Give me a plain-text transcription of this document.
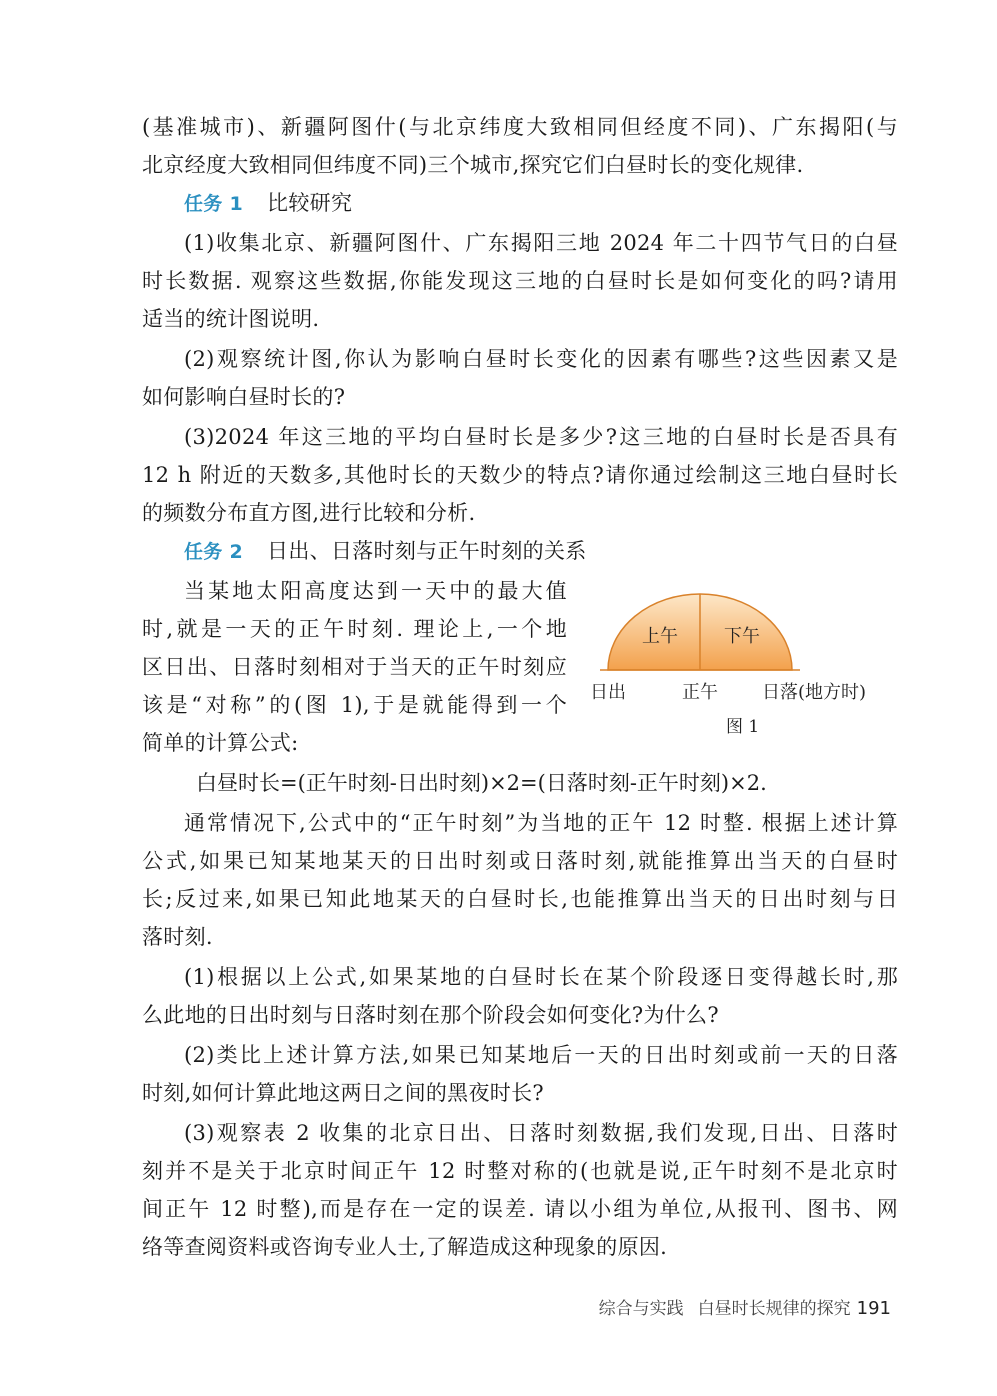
(基准城市)、新疆阿图什(与北京纬度大致相同但经度不同)、广东揭阳(与
北京经度大致相同但纬度不同)三个城市,探究它们白昼时长的变化规律.
任务 1 比较研究
(1)收集北京、新疆阿图什、广东揭阳三地 2024 年二十四节气日的白昼
时长数据. 观察这些数据,你能发现这三地的白昼时长是如何变化的吗?请用
适当的统计图说明.
(2)观察统计图,你认为影响白昼时长变化的因素有哪些?这些因素又是
如何影响白昼时长的?
(3)2024 年这三地的平均白昼时长是多少?这三地的白昼时长是否具有
12 h 附近的天数多,其他时长的天数少的特点?请你通过绘制这三地白昼时长
的频数分布直方图,进行比较和分析.
任务 2 日出、日落时刻与正午时刻的关系
当某地太阳高度达到一天中的最大值
时,就是一天的正午时刻. 理论上,一个地
区日出、日落时刻相对于当天的正午时刻应
该是“对称”的(图 1),于是就能得到一个
简单的计算公式:
上午	下午
日出	正午 日落(地方时)
图 1
白昼时长=(正午时刻-日出时刻)×2=(日落时刻-正午时刻)×2.
通常情况下,公式中的“正午时刻”为当地的正午 12 时整. 根据上述计算
公式,如果已知某地某天的日出时刻或日落时刻,就能推算出当天的白昼时
长;反过来,如果已知此地某天的白昼时长,也能推算出当天的日出时刻与日
落时刻.
(1)根据以上公式,如果某地的白昼时长在某个阶段逐日变得越长时,那
么此地的日出时刻与日落时刻在那个阶段会如何变化?为什么?
(2)类比上述计算方法,如果已知某地后一天的日出时刻或前一天的日落
时刻,如何计算此地这两日之间的黑夜时长?
(3)观察表 2 收集的北京日出、日落时刻数据,我们发现,日出、日落时
刻并不是关于北京时间正午 12 时整对称的(也就是说,正午时刻不是北京时
间正午 12 时整),而是存在一定的误差. 请以小组为单位,从报刊、图书、网
络等查阅资料或咨询专业人士,了解造成这种现象的原因.
综合与实践 白昼时长规律的探究 191
